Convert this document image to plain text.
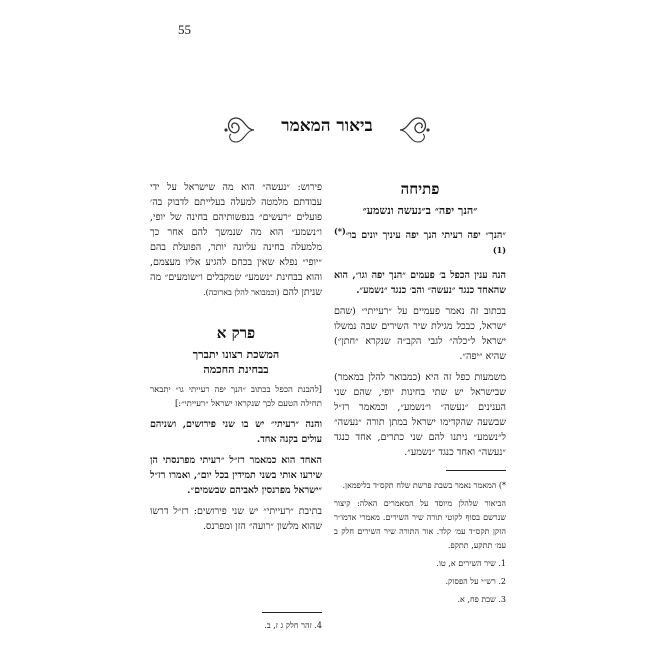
55
ביאור המאמר
פתיחה
״הנך יפה״ ב״נעשה ונשמע״

״הנך״ יפה רעיתי הנך יפה עיניך יונים בו״$^{(*)(1)}$

הנה ענין הכפל ב׳ פעמים ״הנך יפה וגו״, הוא שהאחד כנגד ״נעשה״ והב׳ כנגד ״נשמע״.

בכתוב זה נאמר פעמיים על ״רעייתי״ (שהם ישראל, כבכל מגילת שיר השירים שבה נמשלו ישראל ל״כלה״ לגבי הקב״ה שנקרא ״חתן״) שהיא ״יפה״.

משמעות כפל זה היא (כמבואר להלן במאמר) שבישראל יש שתי בחינות יופי, שהם שני הענינים ״נעשה״ ו״נשמע״, וכמאמר רז״ל שבשעה שהקדימו ישראל במתן תורה ״נעשה״ ל״נשמע״ ניתנו להם שני כתרים, אחד כנגד ״נעשה״ ואחד כנגד ״נשמע״.

*) המאמר נאמר בשבת פרשת שלח תקס״ד בליפמאן.
הביאור שלהלן מיוסד על המאמרים האלה: קיצור שנרשם בסוף לקוטי תורה שיר השירים. מאמרי אדמו״ר הזקן תקס״ד עמ׳ קלד. אור התורה שיר השירים חלק ב עמ׳ תתקע, תתקפ.
1. שיר השירים א, טו.
2. רש״י על הפסוק.
3. שבת פח, א.

פירוש: ״נעשה״ הוא מה שישראל על ידי עבודתם מלמטה למעלה בעלייתם לדבוק בה׳ פועלים ״רעשים״ בנפשותיהם בחינה של יופי, ו״נשמע״ הוא מה שנמשך להם אחר כך מלמעלה בחינה עליונה יותר, הפועלת בהם ״יופי״ נפלא שאין בכחם להגיע אליו מעצמם, והוא בבחינת ״נשמע״ שמקבלים ו״שומעים״ מה שניתן להם (וכמבואר להלן בארוכה).

פרק א
המשכת רצונו יתברך
בבחינת החכמה

[להבנת הכפל בכתוב ״הנך יפה רעייתי גו״ יתבאר תחילה הטעם לכך שנקראו ישראל ״רעייתי״:]

והנה ״רעיתי״ יש בו שני פירושים, ושניהם עולים בקנה אחד.

האחד הוא כמאמר רז״ל ״רעיתי מפרנסתי הן שירעו אותי בשני תמידין בכל יום״, ואמרו רז״ל ״ישראל מפרנסין לאביהם שבשמים״.

בתיבת ״רעייתי״ יש שני פירושים: רז״ל דרשו שהוא מלשון ״רועה״ הזן ומפרנס.

4. זהר חלק ג ז, ב.
